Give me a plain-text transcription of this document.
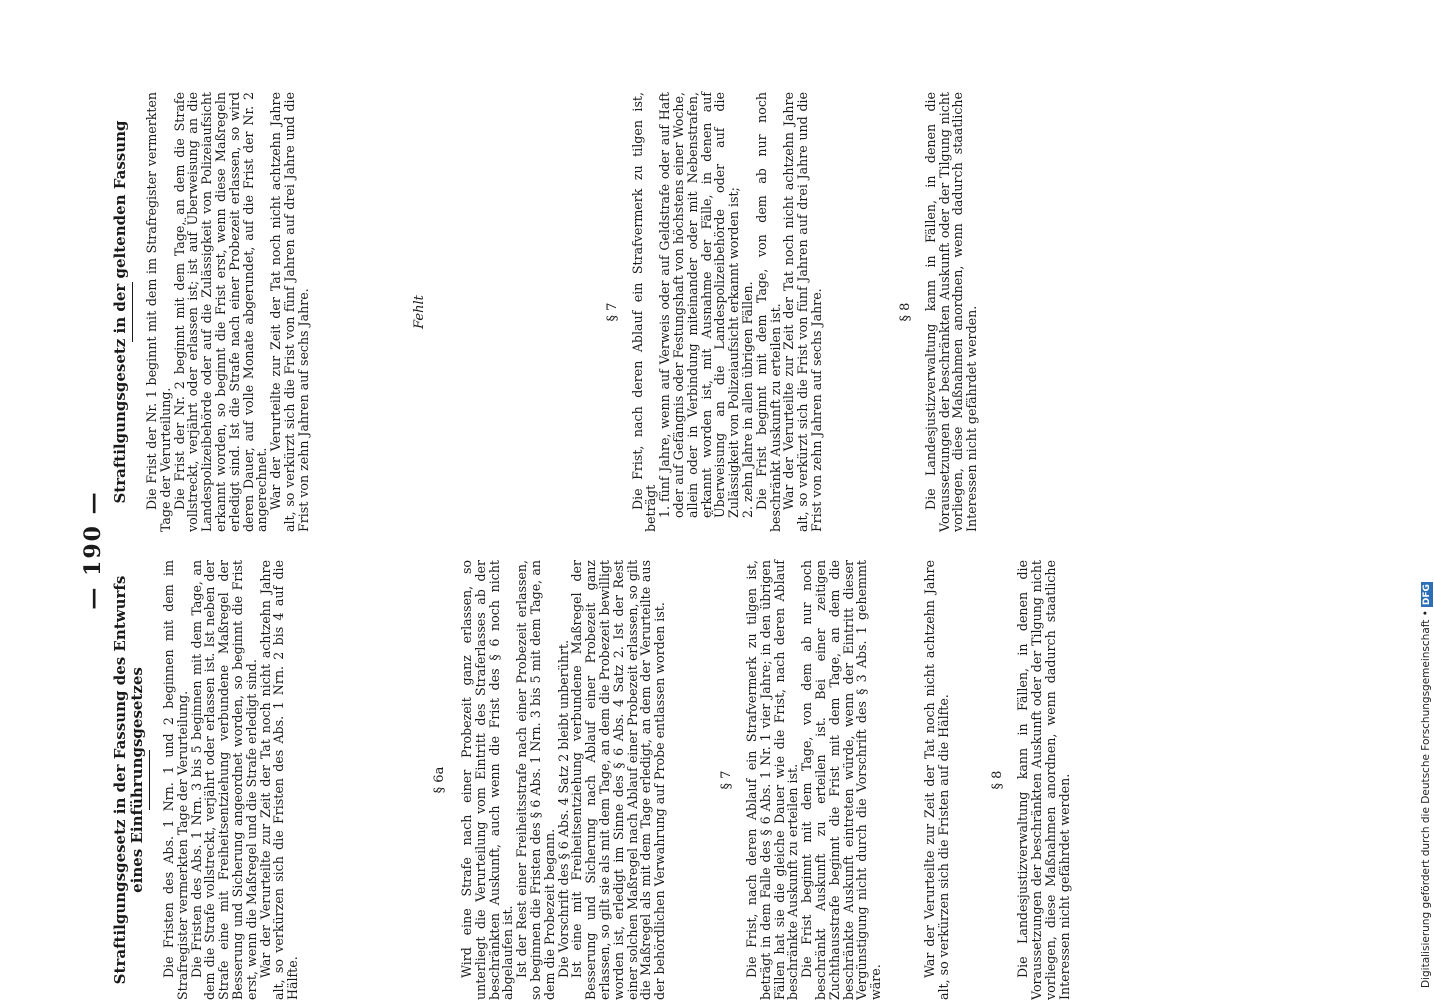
— 190 —
Straftilgungsgesetz in der Fassung des Entwurfs eines Einführungsgesetzes Die Fristen des Abs. 1 Nrn. 1 und 2 beginnen mit dem im Strafregister vermerkten Tage der Verurteilung.

Die Fristen des Abs. 1 Nrn. 3 bis 5 beginnen mit dem Tage, an dem die Strafe vollstreckt, verjährt oder erlassen ist. Ist neben der Strafe eine mit Freiheitsentziehung verbundene Maßregel der Besserung und Sicherung angeordnet worden, so beginnt die Frist erst, wenn die Maßregel und die Strafe erledigt sind.

War der Verurteilte zur Zeit der Tat noch nicht achtzehn Jahre alt, so verkürzen sich die Fristen des Abs. 1 Nrn. 2 bis 4 auf die Hälfte.

§ 6a Wird eine Strafe nach einer Probezeit ganz erlassen, so unterliegt die Verurteilung vom Eintritt des Straferlasses ab der beschränkten Auskunft, auch wenn die Frist des § 6 noch nicht abgelaufen ist.

Ist der Rest einer Freiheitsstrafe nach einer Probezeit erlassen, so beginnen die Fristen des § 6 Abs. 1 Nrn. 3 bis 5 mit dem Tage, an dem die Probezeit begann.

Die Vorschrift des § 6 Abs. 4 Satz 2 bleibt unberührt.

Ist eine mit Freiheitsentziehung verbundene Maßregel der Besserung und Sicherung nach Ablauf einer Probezeit ganz erlassen, so gilt sie als mit dem Tage, an dem die Probezeit bewilligt worden ist, erledigt im Sinne des § 6 Abs. 4 Satz 2. Ist der Rest einer solchen Maßregel nach Ablauf einer Probezeit erlassen, so gilt die Maßregel als mit dem Tage erledigt, an dem der Verurteilte aus der behördlichen Verwahrung auf Probe entlassen worden ist.	§ 7 Die Frist, nach deren Ablauf ein Strafvermerk zu tilgen ist, beträgt in dem Falle des § 6 Abs. 1 Nr. 1 vier Jahre; in den übrigen Fällen hat sie die gleiche Dauer wie die Frist, nach deren Ablauf beschränkte Auskunft zu erteilen ist.

Die Frist beginnt mit dem Tage, von dem ab nur noch beschränkt Auskunft zu erteilen ist. Bei einer zeitigen Zuchthausstrafe beginnt die Frist mit dem Tage, an dem die beschränkte Auskunft eintreten würde, wenn der Eintritt dieser Vergünstigung nicht durch die Vorschrift des § 3 Abs. 1 gehemmt wäre.

War der Verurteilte zur Zeit der Tat noch nicht achtzehn Jahre alt, so verkürzen sich die Fristen auf die Hälfte.	§ 8 Die Landesjustizverwaltung kann in Fällen, in denen die Voraussetzungen der beschränkten Auskunft oder der Tilgung nicht vorliegen, diese Maßnahmen anordnen, wenn dadurch staatliche Interessen nicht gefährdet werden.

Straftilgungsgesetz in der geltenden Fassung Die Frist der Nr. 1 beginnt mit dem im Strafregister vermerkten Tage der Verurteilung.

Die Frist der Nr. 2 beginnt mit dem Tage, an dem die Strafe vollstreckt, verjährt oder erlassen ist; ist auf Überweisung an die Landespolizeibehörde oder auf die Zulässigkeit von Polizeiaufsicht erkannt worden, so beginnt die Frist erst, wenn diese Maßregeln erledigt sind. Ist die Strafe nach einer Probezeit erlassen, so wird deren Dauer, auf volle Monate abgerundet, auf die Frist der Nr. 2 angerechnet.

War der Verurteilte zur Zeit der Tat noch nicht achtzehn Jahre alt, so verkürzt sich die Frist von fünf Jahren auf drei Jahre und die Frist von zehn Jahren auf sechs Jahre.	Fehlt	§ 7 Die Frist, nach deren Ablauf ein Strafvermerk zu tilgen ist, beträgt

1.fünf Jahre, wenn auf Verweis oder auf Geldstrafe oder auf Haft oder auf Gefängnis oder Festungshaft von höchstens einer Woche, allein oder in Verbindung miteinander oder mit Nebenstrafen, erkannt worden ist, mit Ausnahme der Fälle, in denen auf Überweisung an die Landespolizeibehörde oder auf die Zulässigkeit von Polizeiaufsicht erkannt worden ist;
2.zehn Jahre in allen übrigen Fällen.

Die Frist beginnt mit dem Tage, von dem ab nur noch beschränkt Auskunft zu erteilen ist.

War der Verurteilte zur Zeit der Tat noch nicht achtzehn Jahre alt, so verkürzt sich die Frist von fünf Jahren auf drei Jahre und die Frist von zehn Jahren auf sechs Jahre.	§ 8 Die Landesjustizverwaltung kann in Fällen, in denen die Voraussetzungen der beschränkten Auskunft oder der Tilgung nicht vorliegen, diese Maßnahmen anordnen, wenn dadurch staatliche Interessen nicht gefährdet werden.

Digitalisierung gefördert durch die Deutsche Forschungsgemeinschaft •DFG
